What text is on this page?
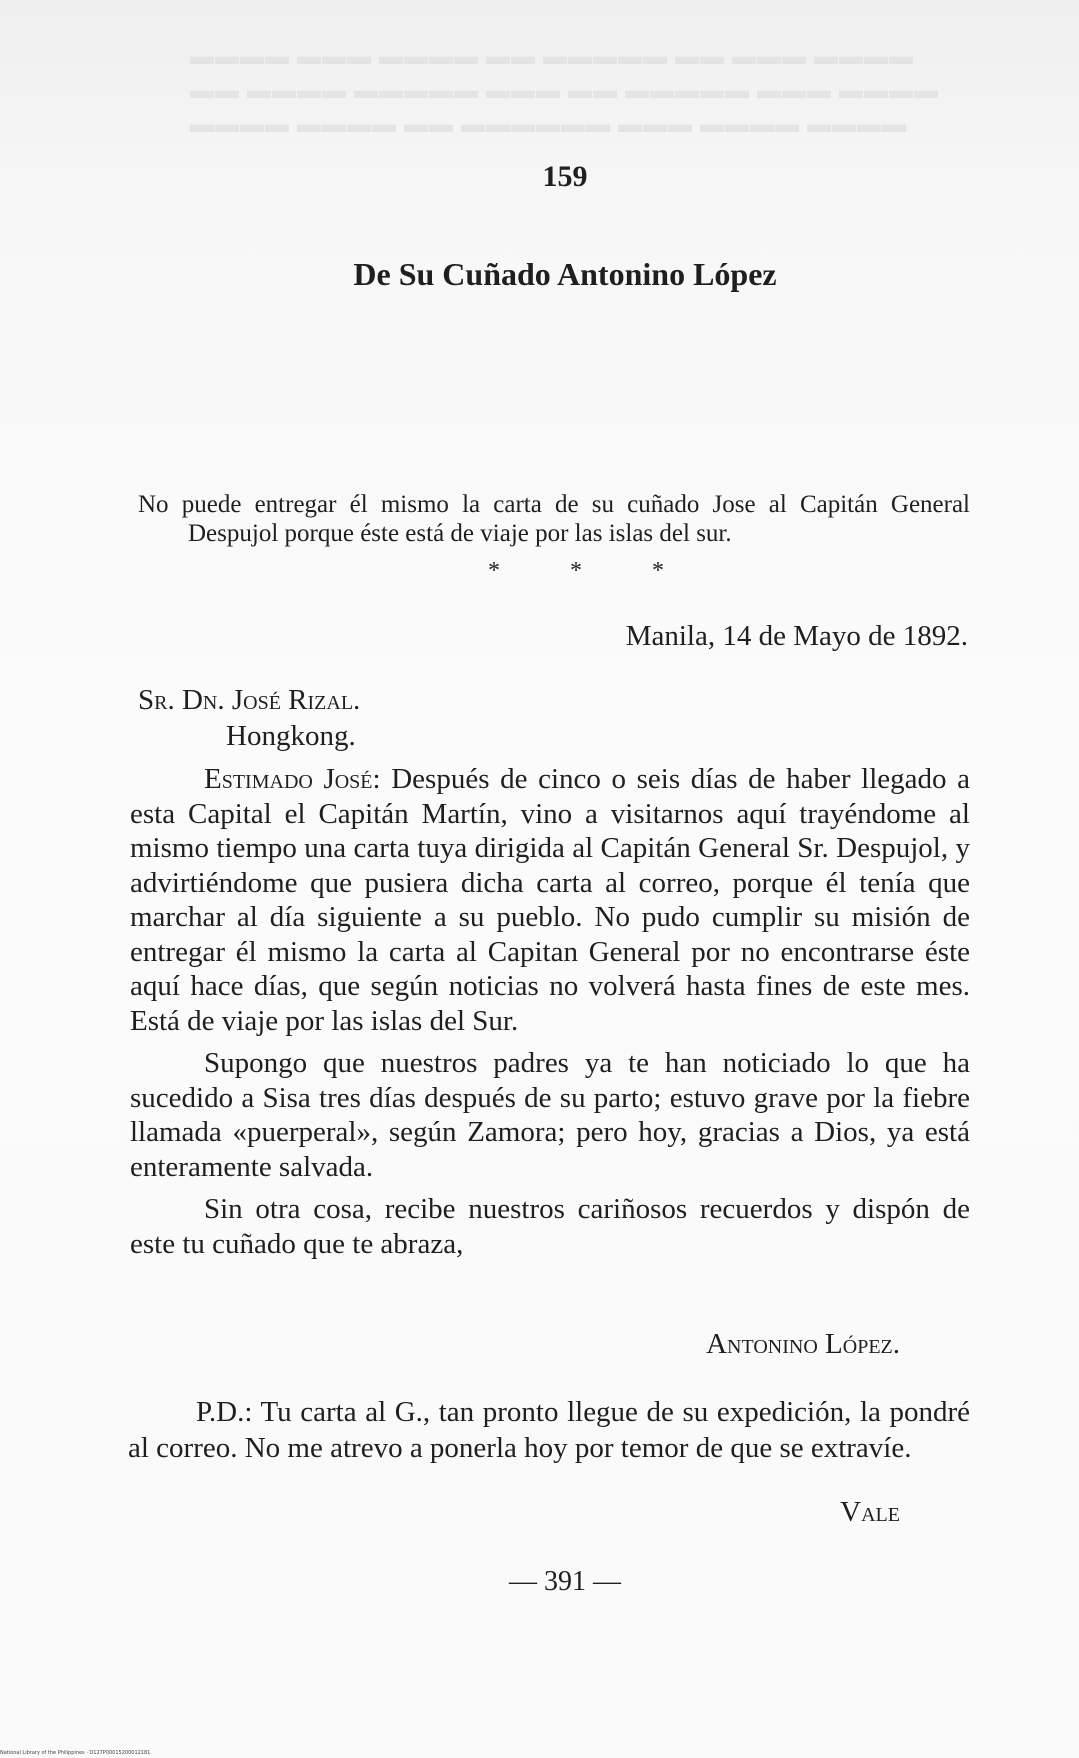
▬▬▬▬ ▬▬▬ ▬▬▬▬ ▬▬ ▬▬▬▬▬ ▬▬ ▬▬▬ ▬▬▬▬
▬▬ ▬▬▬▬ ▬▬▬▬▬ ▬▬▬ ▬▬ ▬▬▬▬▬ ▬▬▬ ▬▬▬▬
▬▬▬▬ ▬▬▬▬ ▬▬ ▬▬▬▬▬▬ ▬▬▬ ▬▬▬▬ ▬▬▬▬
159
De Su Cuñado Antonino López

No puede entregar él mismo la carta de su cuñado Jose al Capitán General Despujol porque éste está de viaje por las islas del sur.

* * *
Manila, 14 de Mayo de 1892.
Sr. Dn. José Rizal.
Hongkong.

Estimado José: Después de cinco o seis días de haber llegado a esta Capital el Capitán Martín, vino a visitarnos aquí trayéndome al mismo tiempo una carta tuya dirigida al Capitán General Sr. Despujol, y advirtiéndome que pusiera dicha carta al correo, porque él tenía que marchar al día siguiente a su pueblo. No pudo cumplir su misión de entregar él mismo la carta al Capitan General por no encontrarse éste aquí hace días, que según noticias no volverá hasta fines de este mes. Está de viaje por las islas del Sur.

Supongo que nuestros padres ya te han noticiado lo que ha sucedido a Sisa tres días después de su parto; estuvo grave por la fiebre llamada «puerperal», según Zamora; pero hoy, gracias a Dios, ya está enteramente salvada.

Sin otra cosa, recibe nuestros cariñosos recuerdos y dispón de este tu cuñado que te abraza,

Antonino López.

P.D.: Tu carta al G., tan pronto llegue de su expedición, la pondré al correo. No me atrevo a ponerla hoy por temor de que se extravíe.

Vale
— 391 —
National Library of the Philippines · D127P00015200012181
